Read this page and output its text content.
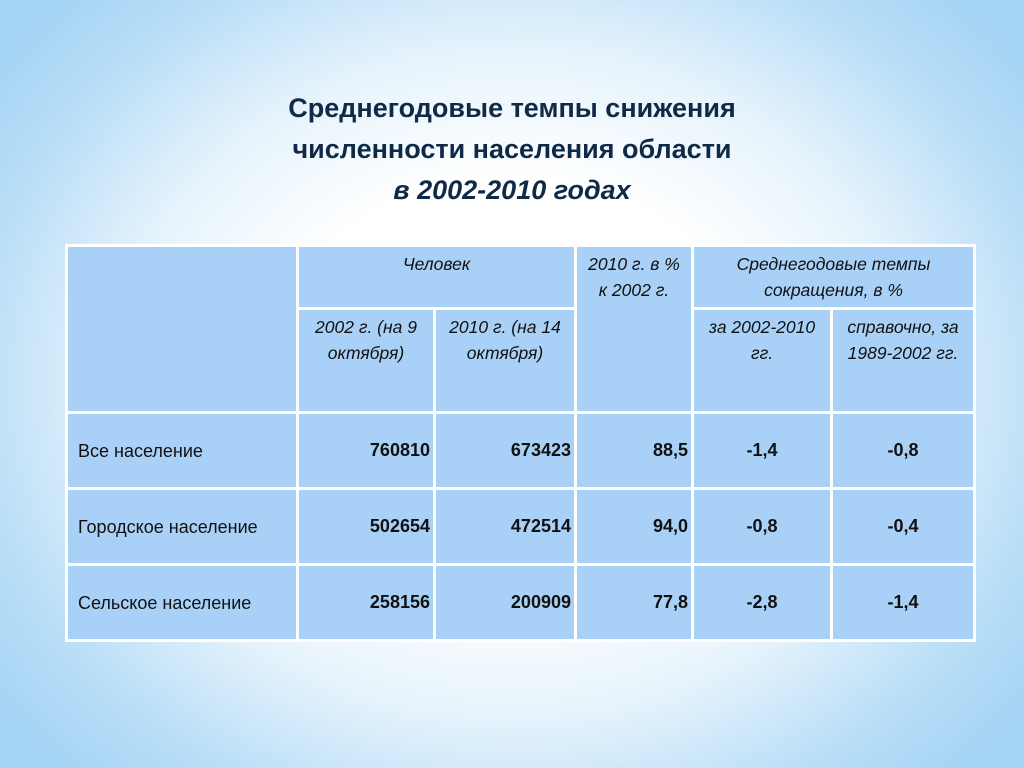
Среднегодовые темпы снижения
численности населения области
в 2002-2010 годах
	Человек		2010 г. в % к 2002 г.	Среднегодовые темпы сокращения, в %	
	2002 г. (на 9 октября)	2010 г. (на 14 октября)		за 2002-2010 гг.	справочно, за 1989-2002 гг.

Все население	760810	673423	88,5	-1,4	-0,8
Городское население	502654	472514	94,0	-0,8	-0,4
Сельское население	258156	200909	77,8	-2,8	-1,4
